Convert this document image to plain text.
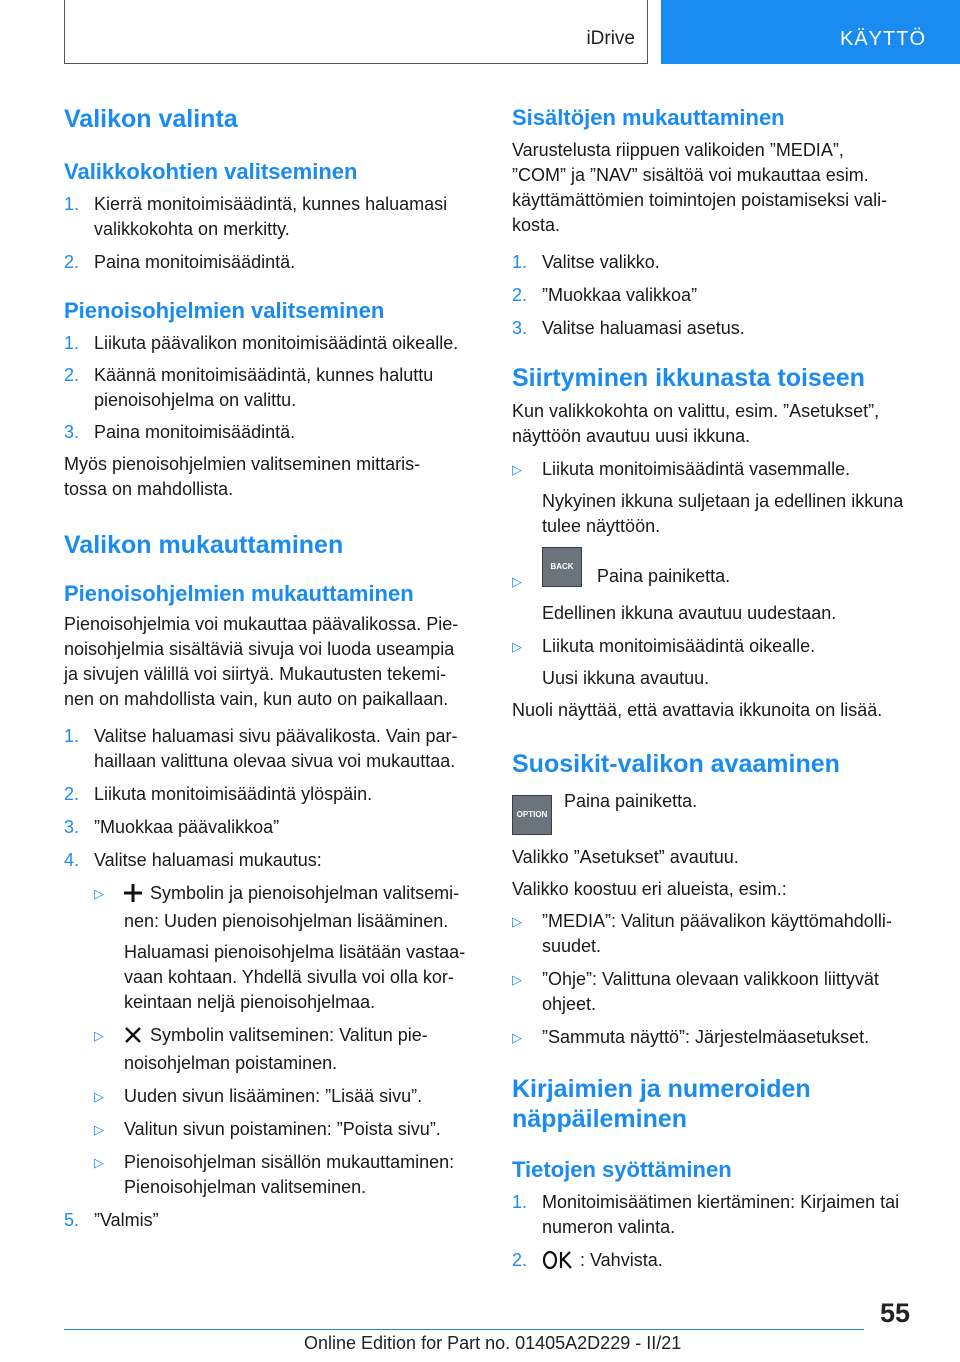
iDrive	KÄYTTÖ
Valikon valinta
Valikkokohtien valitseminen
1. Kierrä monitoimisäädintä, kunnes haluamasi
valikkokohta on merkitty.
2. Paina monitoimisäädintä.
Pienoisohjelmien valitseminen
1. Liikuta päävalikon monitoimisäädintä oikealle.
2. Käännä monitoimisäädintä, kunnes haluttu
pienoisohjelma on valittu.
3. Paina monitoimisäädintä.

Myös pienoisohjelmien valitseminen mittaris-

tossa on mahdollista.

Valikon mukauttaminen
Pienoisohjelmien mukauttaminen

Pienoisohjelmia voi mukauttaa päävalikossa. Pie-

noisohjelmia sisältäviä sivuja voi luoda useampia

ja sivujen välillä voi siirtyä. Mukautusten tekemi-

nen on mahdollista vain, kun auto on paikallaan.

1. Valitse haluamasi sivu päävalikosta. Vain par-
haillaan valittuna olevaa sivua voi mukauttaa.
2. Liikuta monitoimisäädintä ylöspäin.
3. ”Muokkaa päävalikkoa”
4. Valitse haluamasi mukautus:
▷	Symbolin ja pienoisohjelman valitsemi-
nen: Uuden pienoisohjelman lisääminen.
Haluamasi pienoisohjelma lisätään vastaa-
vaan kohtaan. Yhdellä sivulla voi olla kor-
keintaan neljä pienoisohjelmaa.
▷	Symbolin valitseminen: Valitun pie-
noisohjelman poistaminen.
▷ Uuden sivun lisääminen: ”Lisää sivu”.
▷ Valitun sivun poistaminen: ”Poista sivu”.
▷ Pienoisohjelman sisällön mukauttaminen:
Pienoisohjelman valitseminen.
5. ”Valmis”
Sisältöjen mukauttaminen

Varustelusta riippuen valikoiden ”MEDIA”,

”COM” ja ”NAV” sisältöä voi mukauttaa esim.

käyttämättömien toimintojen poistamiseksi vali-

kosta.

1. Valitse valikko.
2. ”Muokkaa valikkoa”
3. Valitse haluamasi asetus.
Siirtyminen ikkunasta toiseen

Kun valikkokohta on valittu, esim. ”Asetukset”,

näyttöön avautuu uusi ikkuna.

▷ Liikuta monitoimisäädintä vasemmalle.
Nykyinen ikkuna suljetaan ja edellinen ikkuna
tulee näyttöön.
▷
BACK Paina painiketta.
Edellinen ikkuna avautuu uudestaan.
▷ Liikuta monitoimisäädintä oikealle.
Uusi ikkuna avautuu.

Nuoli näyttää, että avattavia ikkunoita on lisää.

Suosikit-valikon avaaminen
OPTION
Paina painiketta.

Valikko ”Asetukset” avautuu.

Valikko koostuu eri alueista, esim.:

▷ ”MEDIA”: Valitun päävalikon käyttömahdolli-
suudet.
▷ ”Ohje”: Valittuna olevaan valikkoon liittyvät
ohjeet.
▷ ”Sammuta näyttö”: Järjestelmäasetukset.
Kirjaimien ja numeroiden
näppäileminen
Tietojen syöttäminen
1. Monitoimisäätimen kiertäminen: Kirjaimen tai
numeron valinta.
2.	: Vahvista.
55
Online Edition for Part no. 01405A2D229 - II/21
